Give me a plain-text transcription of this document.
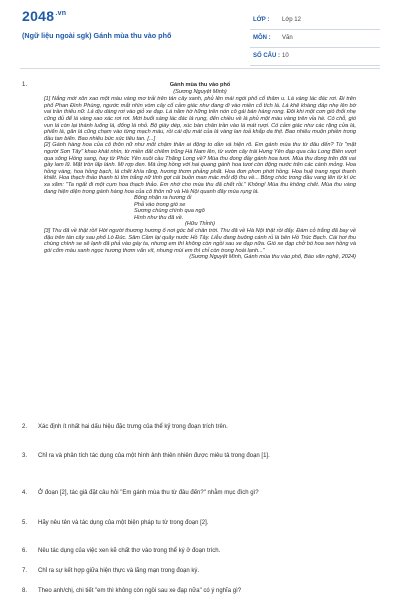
$2048^{.vn}$
(Ngữ liệu ngoài sgk) Gánh mùa thu vào phố
LỚP : Lớp 12
MÔN : Văn
SỐ CÂU : 10
1.	Gánh mùa thu vào phố
(Sương Nguyệt Minh)

[1] Nắng mới xôn xao một màu vàng mơ trải trên tán cây xanh, phủ lên mái ngói phố cổ thâm u. Lá vàng lác đác rơi. Đi trên phố Phan Đình Phùng, ngước mắt nhìn vòm cây cổ cảm giác như đang đi vào miền cổ tích lá. Lá khẽ khàng đáp nhẹ lên bờ vai trần thiếu nữ. Lá dịu dàng rơi vào giỏ xe đạp. Lá nằm hờ hững trên nón cô gái bán hàng rong. Đôi khi một cơn gió thổi nhẹ cũng đủ để lá vàng xao xác rơi rơi. Mới buổi sáng lác đác lá rụng, đến chiều về lá phủ một màu vàng trên vỉa hè. Có chỗ, gió vun lá còn lại thành luống lá, đống lá nhỏ. Bộ giày dép, xúc bàn chân trần vào lá mát rượi. Có cảm giác như các rặng cửa lá, phiến lá, gân lá cũng chạm vào từng mạch máu, rồi cái dịu mát của lá vàng lan toả khắp da thịt. Bao nhiêu muộn phiền trong đầu tan biến. Bao nhiêu bức xúc tiêu tan. [...]

[2] Gánh hàng hoa của cô thôn nữ như mốt chậm thân ai động to dần và hiện rõ. Em gánh mùa thu từ đâu đến? Từ "mặt người Sơn Tây" khao khát nhìn, từ miền đất chiêm trũng Hà Nam lên, từ vườn cây trái Hưng Yên đạp qua cầu Long Biên vượt qua sông Hồng sang, hay từ Phúc Yên xuôi cầu Thăng Long về? Mùa thu đong đầy gánh hoa tươi. Mùa thu đong trên đôi vai gầy lam lũ. Mặt tròn lấp lánh. Mi rợp đen. Mà ửng hồng với hai quang gánh hoa tươi còn động nước trên các cánh mỏng. Hoa hồng vàng, hoa hồng bạch, lá chết khía răng, hương thơm phảng phất. Hoa đơn phơn phớt hồng. Hoa huệ trang ngọi thanh khiết. Hoa thạch thảo thanh tú tím trắng nữ tính gợi cái buồn man mác mỗi độ thu về... Bông chóc trong đầu vang lên từ kí ức xa xăm: "Ta ngất đi một cụm hoa thạch thảo. Em nhớ cho mùa thu đã chết rồi." Không! Mùa thu không chết. Mùa thu vàng đang hiện diện trong gánh hàng hoa của cô thôn nữ và Hà Nội quanh đây mùa rụng lá.

Bông nhận ra hương ổi

Phả vào trong gió se

Sương chùng chình qua ngõ

Hình như thu đã về.

(Hữu Thỉnh)

[3] Thu đã về thật rồi! Hời người thương hương ổ nơi góc bể chân trời. Thu đã về Hà Nội thật rồi đấy. Đám cỏ trắng đã bay về đậu trên tán cây sau phố Lò Đúc. Sâm Cầm lại quây nước Hồ Tây. Liễu đang buông cánh rủ là bên Hồ Trúc Bạch. Cái hơi thu chùng chình se sẽ lạnh đã phả vào gáy ta, nhưng em thì không còn ngồi sau xe đạp nữa. Gió xe đạp chở bó hoa sen hồng và gói cốm màu xanh ngọc hương thơm vấn vít, nhưng mùi em thì chỉ còn trong hoài lạnh..."

(Sương Nguyệt Minh, Gánh mùa thu vào phố, Báo văn nghệ, 2024)

2. Xác định ít nhất hai dấu hiệu đặc trưng của thể kỷ trong đoạn trích trên.
3. Chỉ ra và phân tích tác dụng của một hình ảnh thiên nhiên được miêu tả trong đoạn [1].
4. Ở đoạn [2], tác giả đặt câu hỏi "Em gánh mùa thu từ đâu đến?" nhằm mục đích gì?
5. Hãy nêu tên và tác dụng của một biện pháp tu từ trong đoạn [2].
6. Nêu tác dụng của việc xen kẽ chất thơ vào trong thể ký ở đoạn trích.
7. Chỉ ra sự kết hợp giữa hiện thực và lãng mạn trong đoạn ký.
8. Theo anh/chị, chi tiết "em thì không còn ngồi sau xe đạp nữa" có ý nghĩa gì?
